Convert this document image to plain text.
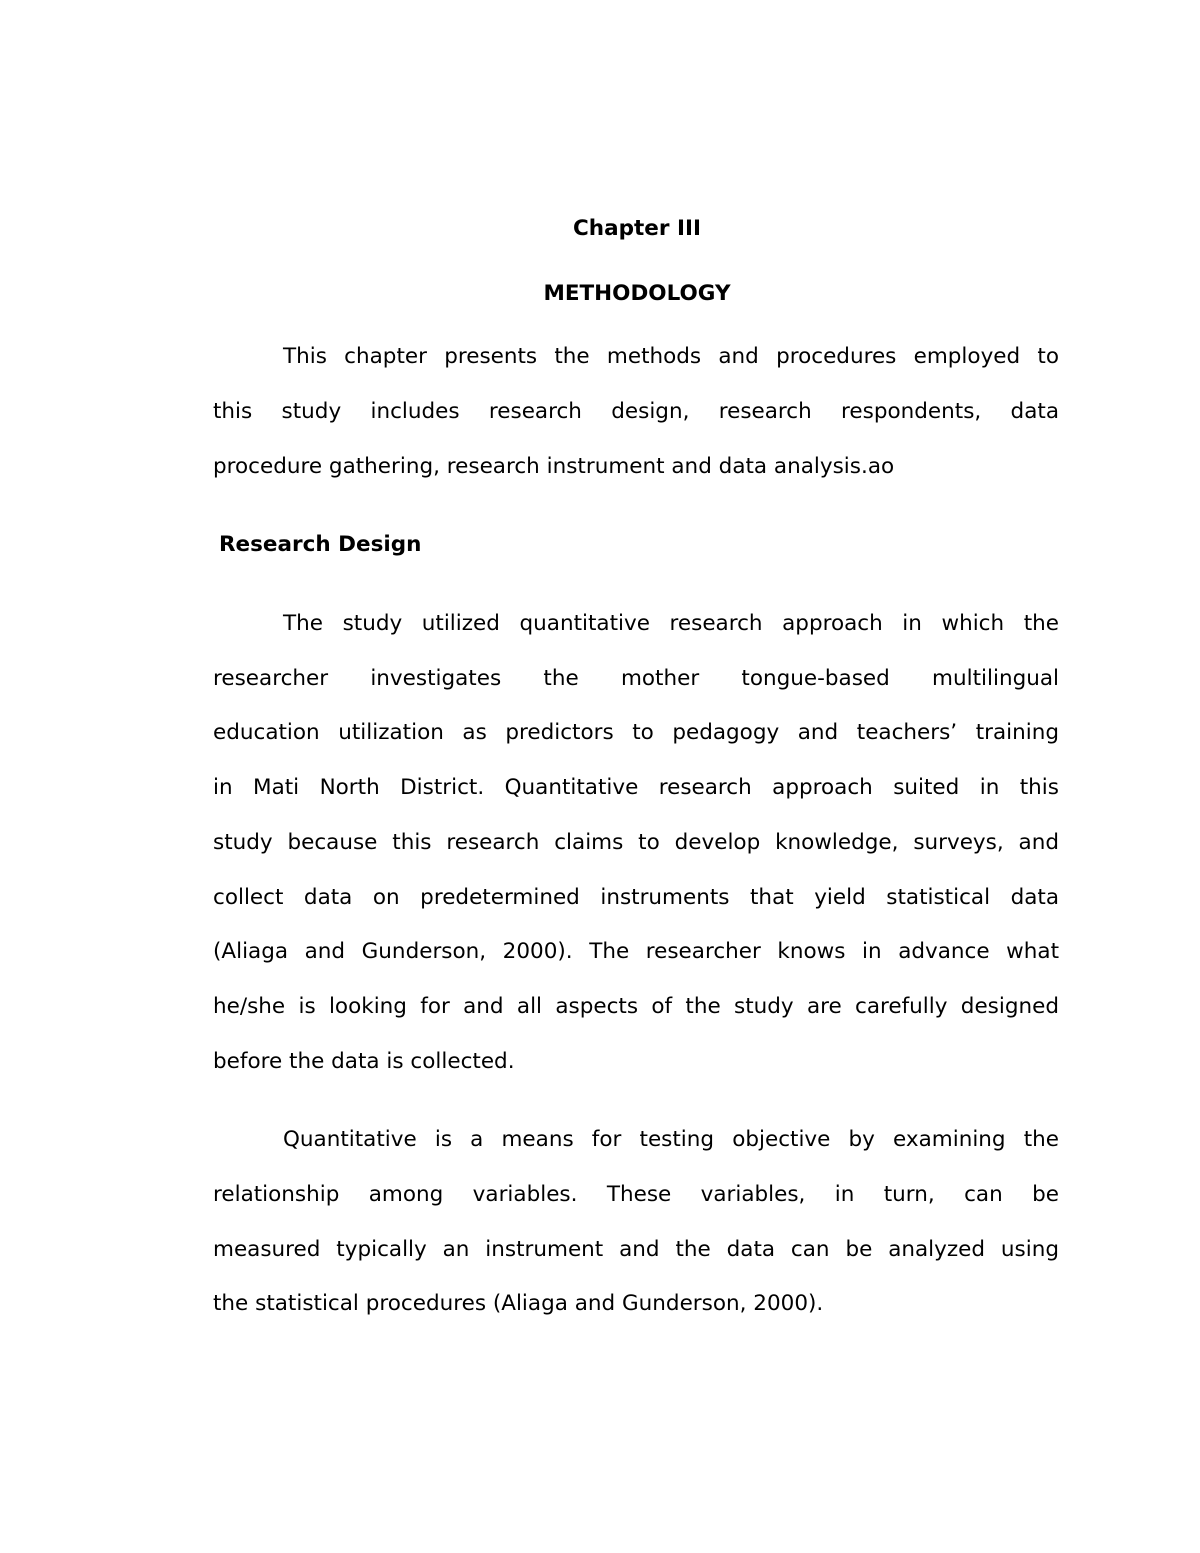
Chapter III
METHODOLOGY
This chapter presents the methods and procedures employed to
this study includes research design, research respondents, data
procedure gathering, research instrument and data analysis.ao
Research Design
The study utilized quantitative research approach in which the
researcher investigates the mother tongue-based multilingual
education utilization as predictors to pedagogy and teachers’ training
in Mati North District. Quantitative research approach suited in this
study because this research claims to develop knowledge, surveys, and
collect data on predetermined instruments that yield statistical data
(Aliaga and Gunderson, 2000). The researcher knows in advance what
he/she is looking for and all aspects of the study are carefully designed
before the data is collected.
Quantitative is a means for testing objective by examining the
relationship among variables. These variables, in turn, can be
measured typically an instrument and the data can be analyzed using
the statistical procedures (Aliaga and Gunderson, 2000).
